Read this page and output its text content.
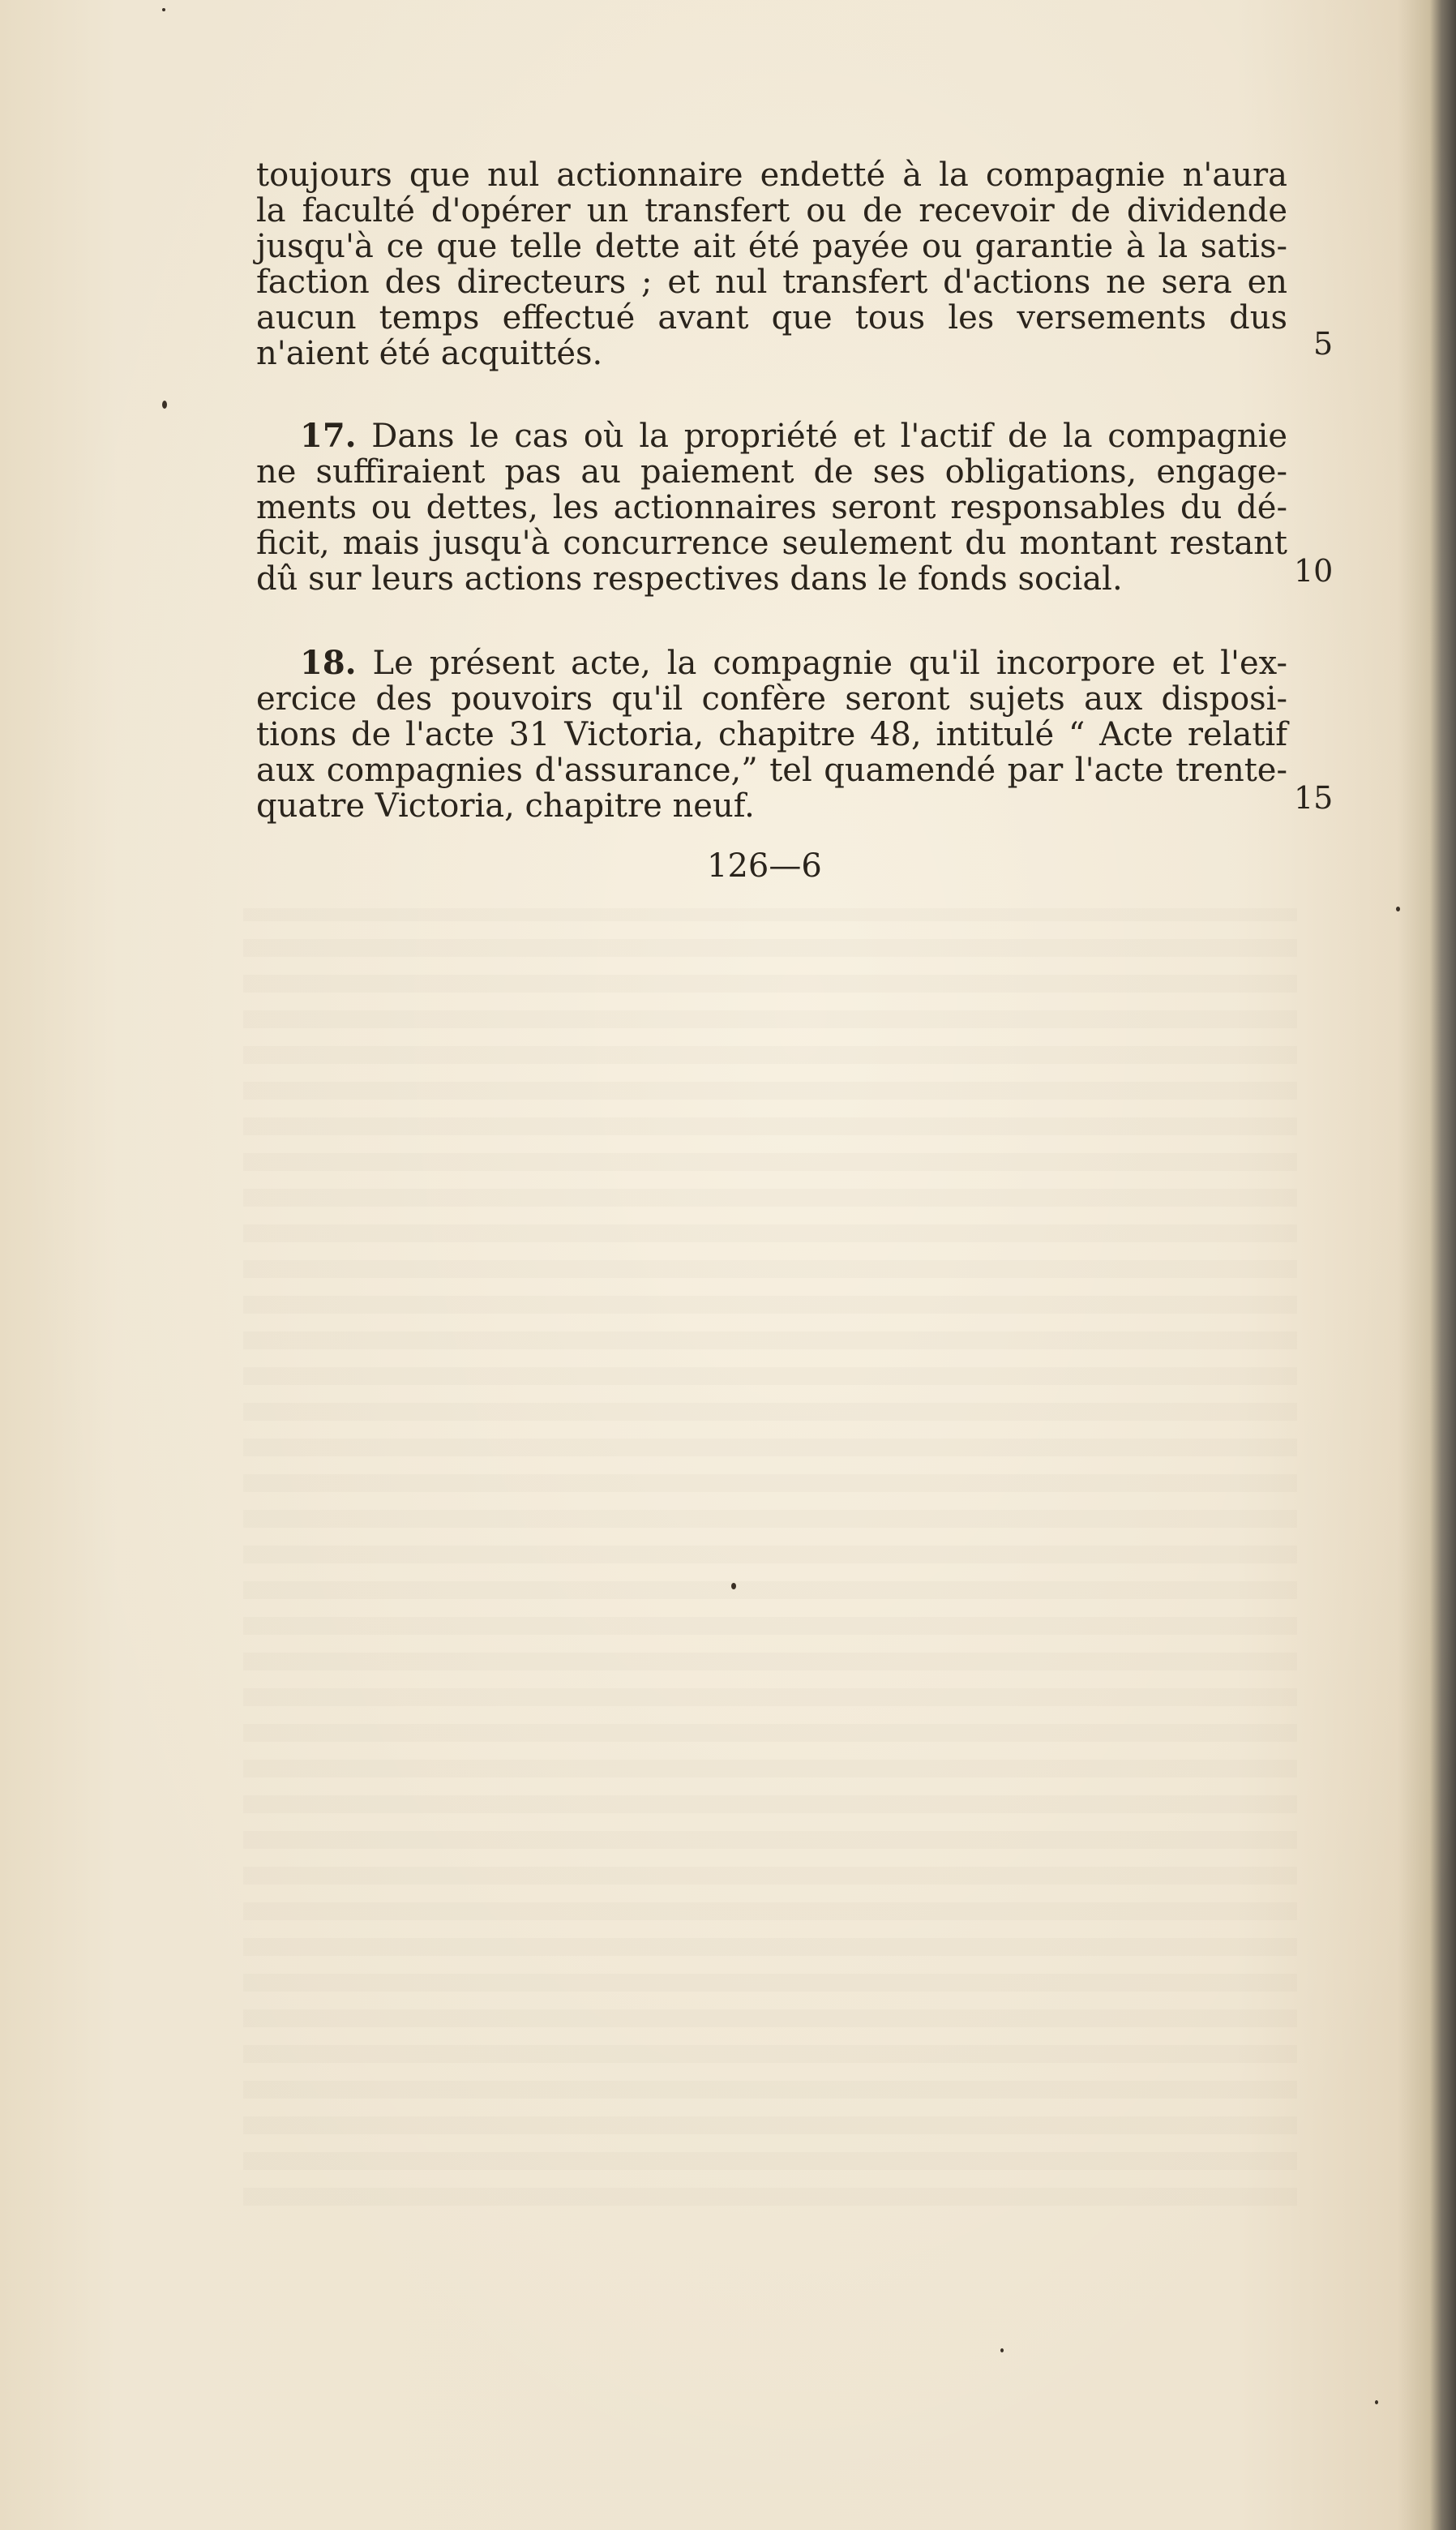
toujours que nul actionnaire endetté à la compagnie n'aura
la faculté d'opérer un transfert ou de recevoir de dividende
jusqu'à ce que telle dette ait été payée ou garantie à la satis-
faction des directeurs ; et nul transfert d'actions ne sera en
aucun temps effectué avant que tous les versements dus
n'aient été acquittés.
17. Dans le cas où la propriété et l'actif de la compagnie
ne suffiraient pas au paiement de ses obligations, engage-
ments ou dettes, les actionnaires seront responsables du dé-
ficit, mais jusqu'à concurrence seulement du montant restant
dû sur leurs actions respectives dans le fonds social.
18. Le présent acte, la compagnie qu'il incorpore et l'ex-
ercice des pouvoirs qu'il confère seront sujets aux disposi-
tions de l'acte 31 Victoria, chapitre 48, intitulé “ Acte relatif
aux compagnies d'assurance,” tel quamendé par l'acte trente-
quatre Victoria, chapitre neuf.
5
10
15
126—6
